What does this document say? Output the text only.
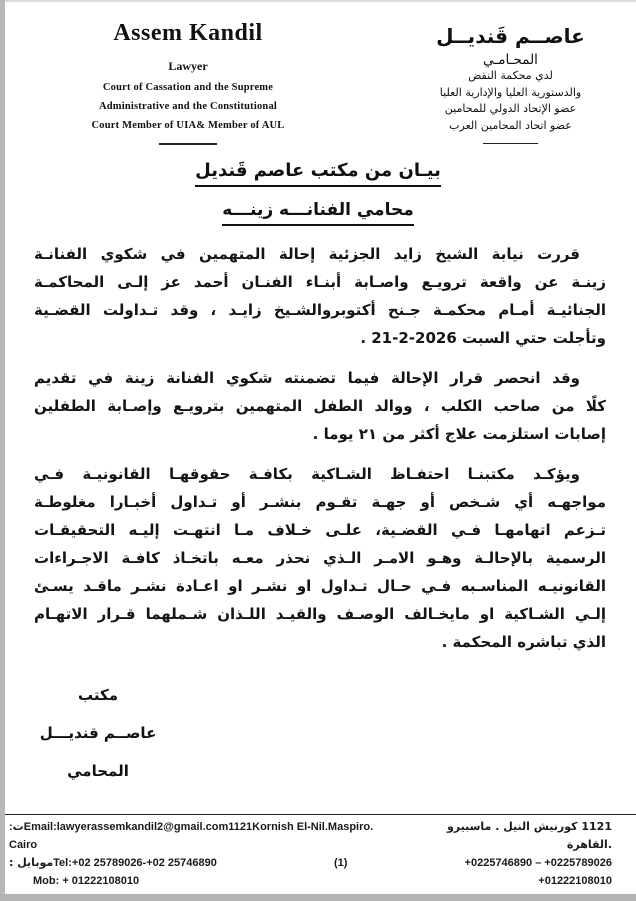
Assem Kandil
Lawyer
Court of Cassation and the Supreme
Administrative and the Constitutional
Court Member of UIA& Member of AUL
عاصــم قَنديــل
المحـامـي
لدي محكمة النقض
والدستورية العليا والإدارية العليا
عضو الإتحاد الدولي للمحامين
عضو اتحاد المحامين العرب
بيـان من مكتب عاصم قَنديل
محامي الفنانـــه زينـــه
قررت نيابة الشيخ زايد الجزئية إحالة المتهمين في شكوي الفنانـة
زينـة عن واقعة ترويـع واصـابة أبنـاء الفنـان أحمد عز إلـى المحاكمـة
الجنائيـة أمـام محكمـة جـنح أكتوبروالشـيخ زايـد ، وقد تـداولت القضـية
وتأجلت حتي السبت 2026-2-21 .
وقد انحصر قرار الإحالة فيما تضمنته شكوي الفنانة زينة في تقديم
كلًا من صاحب الكلب ، ووالد الطفل المتهمين بترويـع وإصـابة الطفلين
إصابات استلزمت علاج أكثر من ٢١ يوما .
ويؤكـد مكتبنـا احتفـاظ الشـاكية بكافـة حقوقهـا القانونيـة فـي
مواجهـه أي شـخص أو جهـة تقـوم بنشـر أو تـداول أخبـارا مغلوطـة
تـزعم اتهامهـا فـي القضـية، علـى خـلاف مـا انتهـت إليـه التحقيقـات
الرسمية بالإحالـة وهـو الامـر الـذي نحذر معـه باتخـاذ كافـة الاجـراءات
القانونيـه المناسـبه فـي حـال تـداول او نشـر او اعـادة نشـر ماقـد يسـئ
إلـي الشـاكية او مايخـالف الوصـف والقيـد اللـذان شـملهما قـرار الاتهـام
الذي تباشره المحكمة .
مكتب
عاصــم قنديـــل
المحامي
:تEmail:lawyerassemkandil2@gmail.com1121Kornish El-Nil.Maspiro. Cairo
1121 كورنيش النيل . ماسبيرو .القاهرة
: موبايلTel:+02 25789026-+02 25746890	(1)	+0225746890 – +0225789026
Mob: + 01222108010	+01222108010
